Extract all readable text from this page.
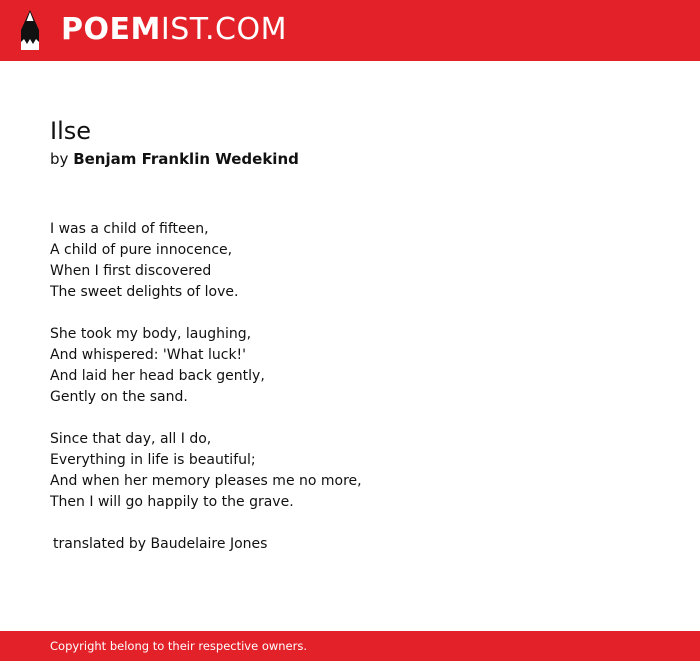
POEMIST.COM
Ilse
by Benjam Franklin Wedekind
I was a child of fifteen,
A child of pure innocence,
When I first discovered
The sweet delights of love.
She took my body, laughing,
And whispered: 'What luck!'
And laid her head back gently,
Gently on the sand.
Since that day, all I do,
Everything in life is beautiful;
And when her memory pleases me no more,
Then I will go happily to the grave.
translated by Baudelaire Jones
Copyright belong to their respective owners.
